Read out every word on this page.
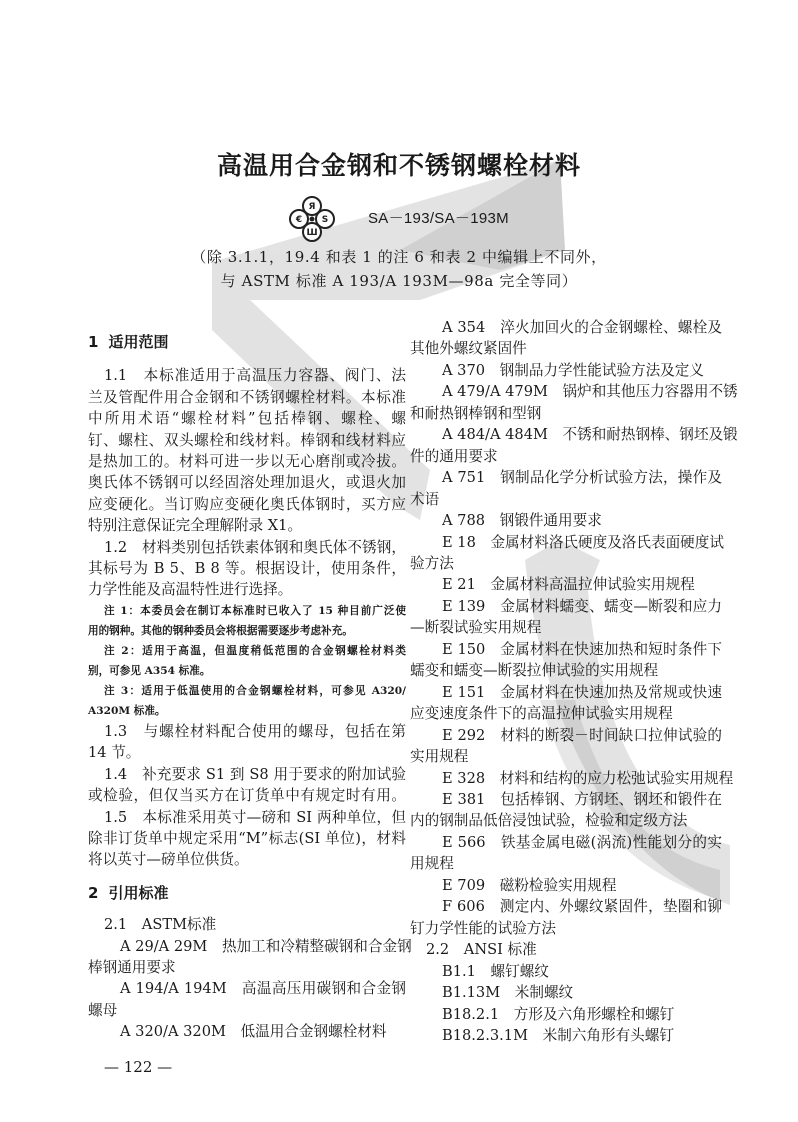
高温用合金钢和不锈钢螺栓材料
Я
€ S
Ш
SA－193/SA－193M
（除 3.1.1，19.4 和表 1 的注 6 和表 2 中编辑上不同外，
与 ASTM 标准 A 193/A 193M—98a 完全等同）
1 适用范围
1.1　本标准适用于高温压力容器、阀门、法
兰及管配件用合金钢和不锈钢螺栓材料。本标准
中所用术语“螺栓材料”包括棒钢、螺栓、螺
钉、螺柱、双头螺栓和线材料。棒钢和线材料应
是热加工的。材料可进一步以无心磨削或冷拔。
奥氏体不锈钢可以经固溶处理加退火，或退火加
应变硬化。当订购应变硬化奥氏体钢时，买方应
特别注意保证完全理解附录 X1。
1.2　材料类别包括铁素体钢和奥氏体不锈钢，
其标号为 B 5、B 8 等。根据设计，使用条件，
力学性能及高温特性进行选择。
注 1：本委员会在制订本标准时已收入了 15 种目前广泛使
用的钢种。其他的钢种委员会将根据需要逐步考虑补充。
注 2：适用于高温，但温度稍低范围的合金钢螺栓材料类
别，可参见 A354 标准。
注 3：适用于低温使用的合金钢螺栓材料，可参见 A320/
A320M 标准。
1.3　与螺栓材料配合使用的螺母，包括在第
14 节。
1.4　补充要求 S1 到 S8 用于要求的附加试验
或检验，但仅当买方在订货单中有规定时有用。
1.5　本标准采用英寸—磅和 SI 两种单位，但
除非订货单中规定采用“M”标志(SI 单位)，材料
将以英寸—磅单位供货。
2 引用标准
2.1　ASTM标准
A 29/A 29M　热加工和冷精整碳钢和合金钢
棒钢通用要求
A 194/A 194M　高温高压用碳钢和合金钢
螺母
A 320/A 320M　低温用合金钢螺栓材料
A 354　淬火加回火的合金钢螺栓、螺栓及
其他外螺纹紧固件
A 370　钢制品力学性能试验方法及定义
A 479/A 479M　锅炉和其他压力容器用不锈
和耐热钢棒钢和型钢
A 484/A 484M　不锈和耐热钢棒、钢坯及锻
件的通用要求
A 751　钢制品化学分析试验方法，操作及
术语
A 788　钢锻件通用要求
E 18　金属材料洛氏硬度及洛氏表面硬度试
验方法
E 21　金属材料高温拉伸试验实用规程
E 139　金属材料蠕变、蠕变—断裂和应力
—断裂试验实用规程
E 150　金属材料在快速加热和短时条件下
蠕变和蠕变—断裂拉伸试验的实用规程
E 151　金属材料在快速加热及常规或快速
应变速度条件下的高温拉伸试验实用规程
E 292　材料的断裂－时间缺口拉伸试验的
实用规程
E 328　材料和结构的应力松弛试验实用规程
E 381　包括棒钢、方钢坯、钢坯和锻件在
内的钢制品低倍浸蚀试验，检验和定级方法
E 566　铁基金属电磁(涡流)性能划分的实
用规程
E 709　磁粉检验实用规程
F 606　测定内、外螺纹紧固件，垫圈和铆
钉力学性能的试验方法
2.2　ANSI 标准
B1.1　螺钉螺纹
B1.13M　米制螺纹
B18.2.1　方形及六角形螺栓和螺钉
B18.2.3.1M　米制六角形有头螺钉
— 122 —
